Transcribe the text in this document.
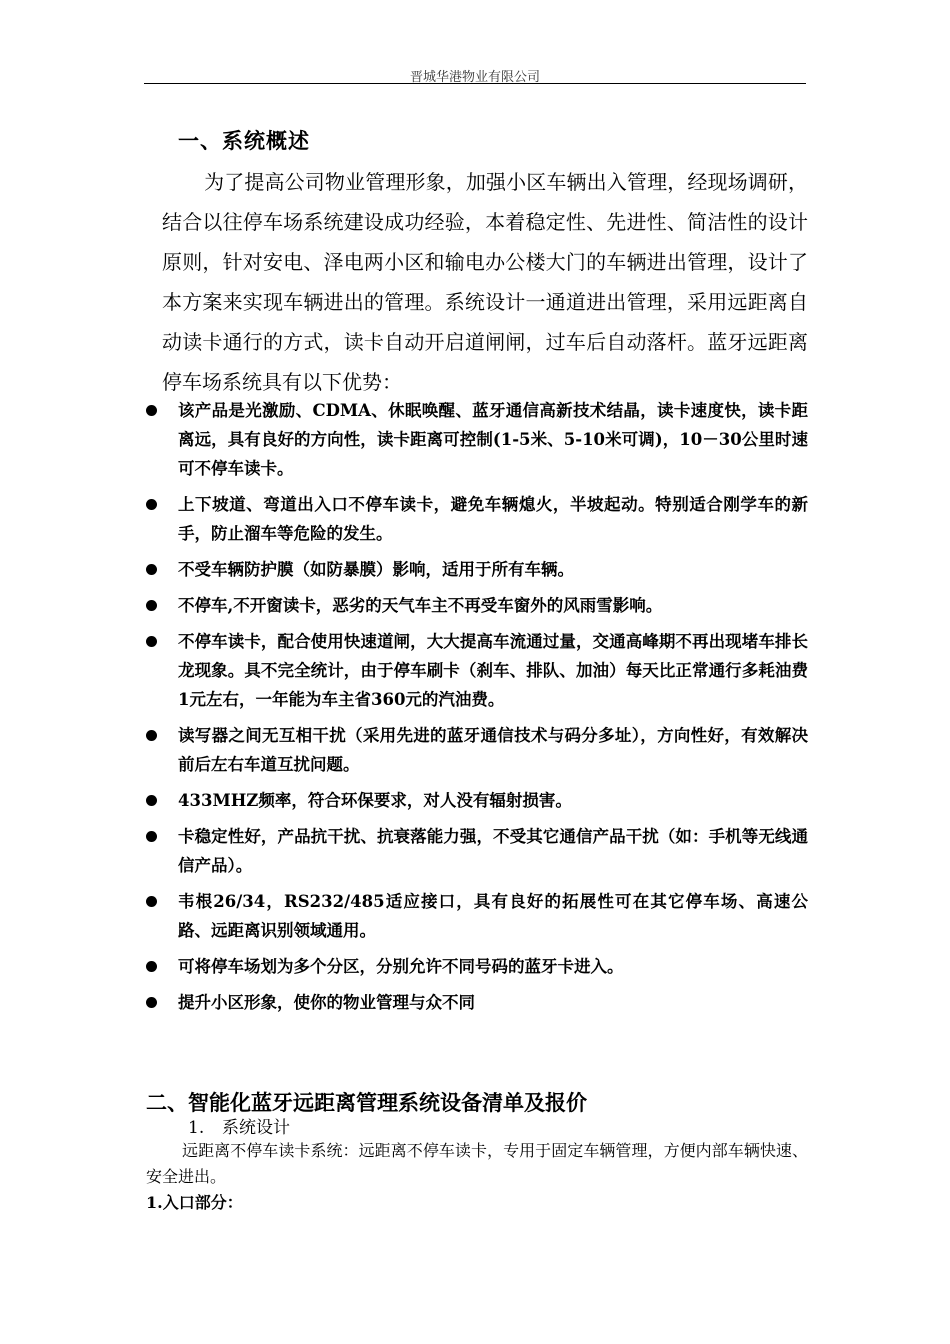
晋城华港物业有限公司
一、系统概述

为了提高公司物业管理形象，加强小区车辆出入管理，经现场调研，结合以往停车场系统建设成功经验，本着稳定性、先进性、简洁性的设计原则，针对安电、泽电两小区和输电办公楼大门的车辆进出管理，设计了本方案来实现车辆进出的管理。系统设计一通道进出管理，采用远距离自动读卡通行的方式，读卡自动开启道闸闸，过车后自动落杆。蓝牙远距离停车场系统具有以下优势：

该产品是光激励、CDMA、休眠唤醒、蓝牙通信高新技术结晶，读卡速度快，读卡距离远，具有良好的方向性，读卡距离可控制(1-5米、5-10米可调)，10－30公里时速可不停车读卡。
上下坡道、弯道出入口不停车读卡，避免车辆熄火，半坡起动。特别适合刚学车的新手，防止溜车等危险的发生。
不受车辆防护膜（如防暴膜）影响，适用于所有车辆。
不停车,不开窗读卡，恶劣的天气车主不再受车窗外的风雨雪影响。
不停车读卡，配合使用快速道闸，大大提高车流通过量，交通高峰期不再出现堵车排长龙现象。具不完全统计，由于停车刷卡（刹车、排队、加油）每天比正常通行多耗油费1元左右，一年能为车主省360元的汽油费。
读写器之间无互相干扰（采用先进的蓝牙通信技术与码分多址），方向性好，有效解决前后左右车道互扰问题。
433MHZ频率，符合环保要求，对人没有辐射损害。
卡稳定性好，产品抗干扰、抗衰落能力强，不受其它通信产品干扰（如：手机等无线通信产品）。
韦根26/34，RS232/485适应接口，具有良好的拓展性可在其它停车场、高速公路、远距离识别领域通用。
可将停车场划为多个分区，分别允许不同号码的蓝牙卡进入。
提升小区形象，使你的物业管理与众不同
二、智能化蓝牙远距离管理系统设备清单及报价
1. 系统设计

远距离不停车读卡系统：远距离不停车读卡，专用于固定车辆管理，方便内部车辆快速、安全进出。

1.入口部分：
